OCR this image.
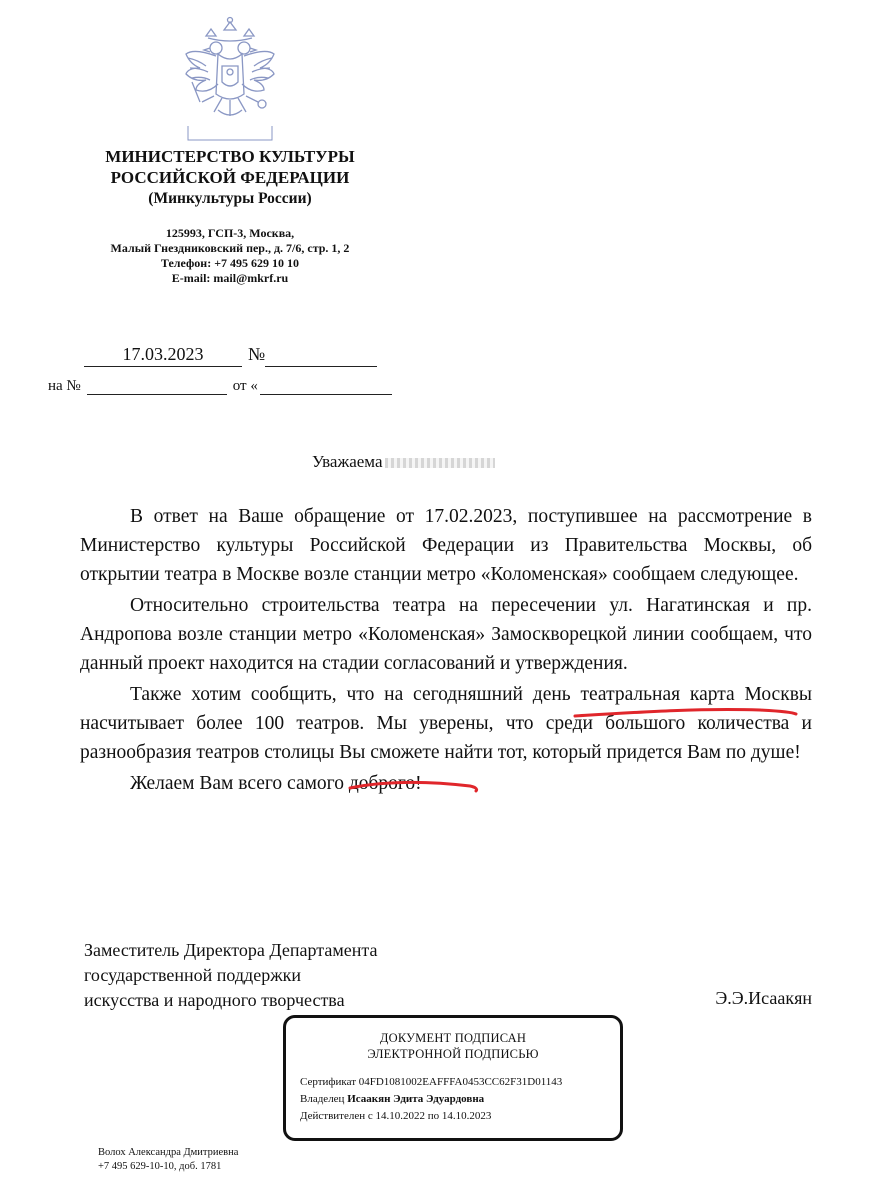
МИНИСТЕРСТВО КУЛЬТУРЫ
РОССИЙСКОЙ ФЕДЕРАЦИИ
(Минкультуры России)
125993, ГСП-3, Москва,
Малый Гнездниковский пер., д. 7/6, стр. 1, 2
Телефон: +7 495 629 10 10
E-mail: mail@mkrf.ru
17.03.2023 №
на №	от «
Уважаема

В ответ на Ваше обращение от 17.02.2023, поступившее на рассмотрение в Министерство культуры Российской Федерации из Правительства Москвы, об открытии театра в Москве возле станции метро «Коломенская» сообщаем следующее.

Относительно строительства театра на пересечении ул. Нагатинская и пр. Андропова возле станции метро «Коломенская» Замоскворецкой линии сообщаем, что данный проект находится на стадии согласований и утверждения.

Также хотим сообщить, что на сегодняшний день театральная карта Москвы насчитывает более 100 театров. Мы уверены, что среди большого количества и разнообразия театров столицы Вы сможете найти тот, который придется Вам по душе!

Желаем Вам всего самого доброго!

Заместитель Директора Департамента
государственной поддержки
искусства и народного творчества	Э.Э.Исаакян
ДОКУМЕНТ ПОДПИСАН
ЭЛЕКТРОННОЙ ПОДПИСЬЮ
Сертификат 04FD1081002EAFFFA0453CC62F31D01143
Владелец Исаакян Эдита Эдуардовна
Действителен с 14.10.2022 по 14.10.2023
Волох Александра Дмитриевна
+7 495 629-10-10, доб. 1781
